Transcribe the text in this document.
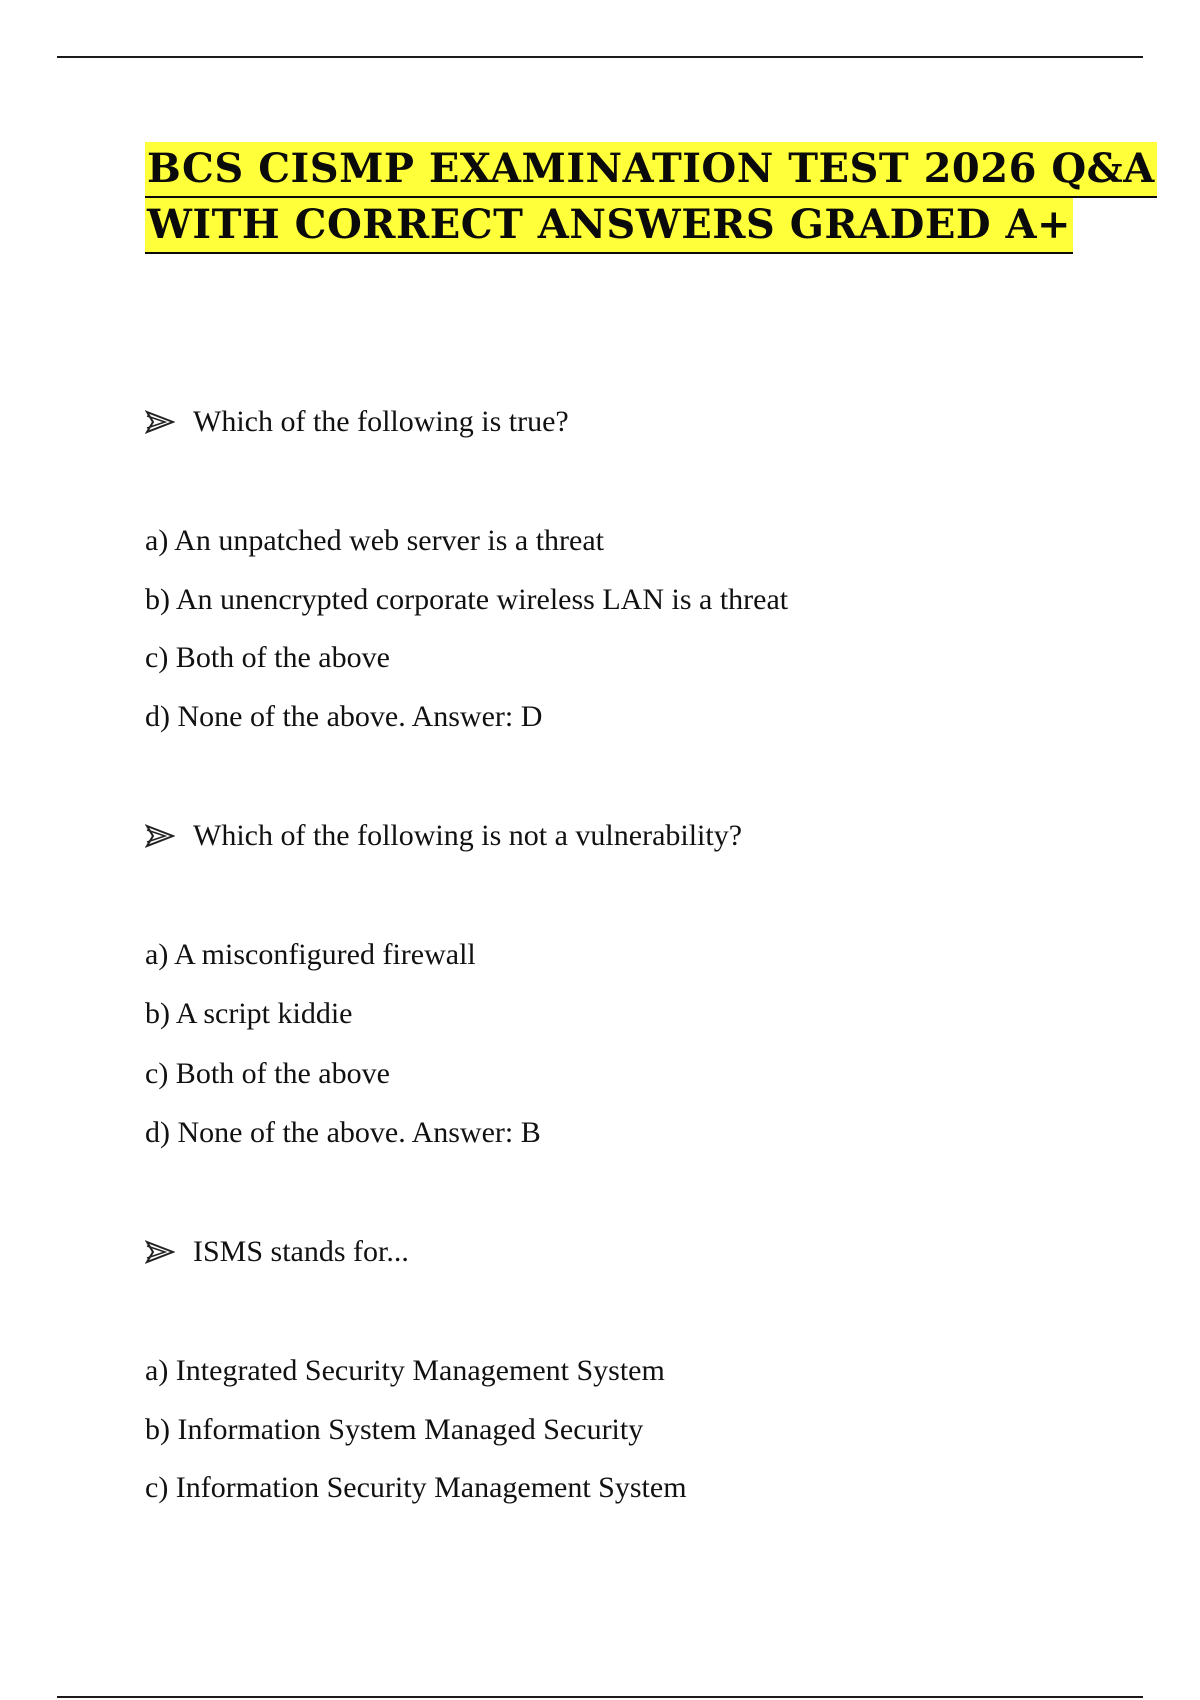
BCS CISMP EXAMINATION TEST 2026 Q&A
WITH CORRECT ANSWERS GRADED A+
Which of the following is true?
a) An unpatched web server is a threat
b) An unencrypted corporate wireless LAN is a threat
c) Both of the above
d) None of the above. Answer: D
Which of the following is not a vulnerability?
a) A misconfigured firewall
b) A script kiddie
c) Both of the above
d) None of the above. Answer: B
ISMS stands for...
a) Integrated Security Management System
b) Information System Managed Security
c) Information Security Management System
